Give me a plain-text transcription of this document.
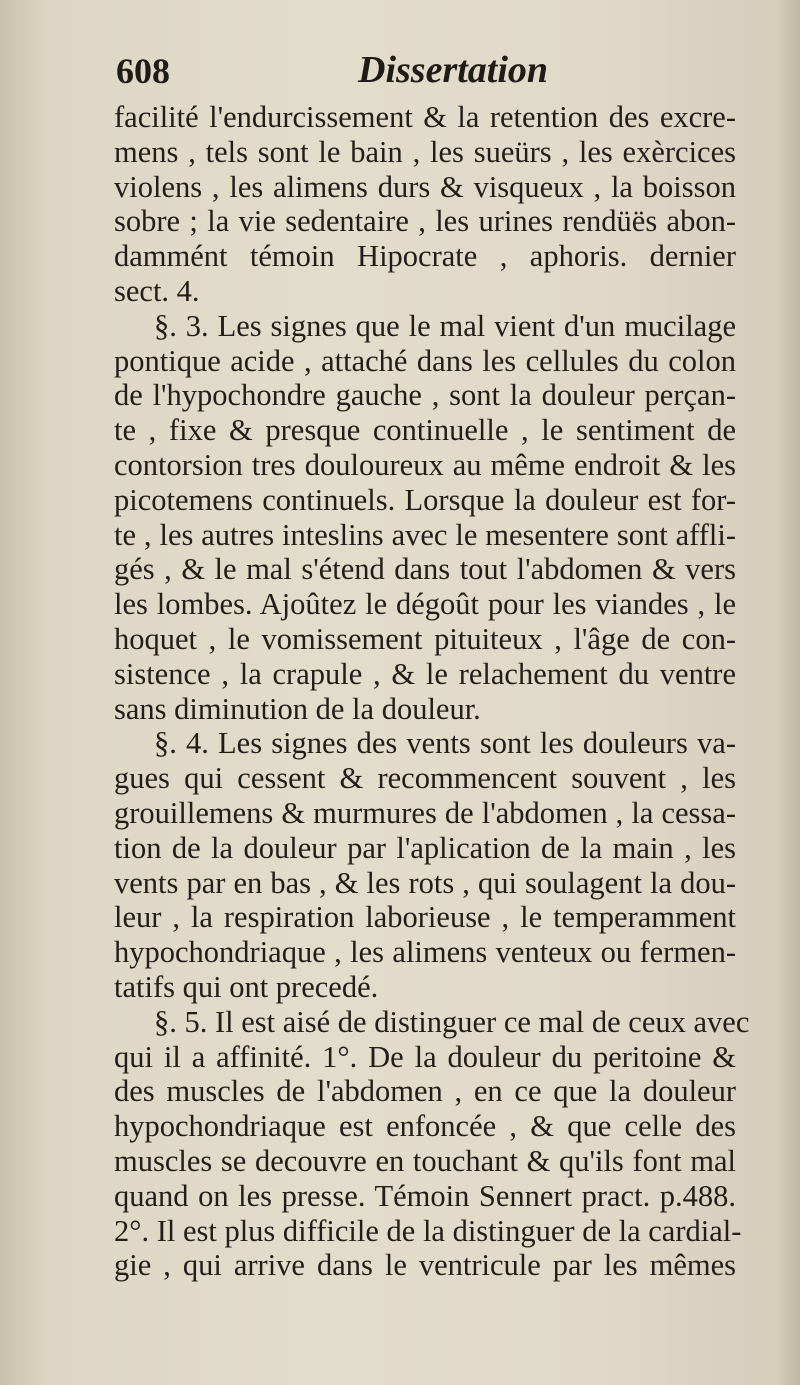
608	Dissertation
facilité l'endurcissement & la retention des excre-
mens , tels sont le bain , les sueürs , les exèrcices
violens , les alimens durs & visqueux , la boisson
sobre ; la vie sedentaire , les urines rendüës abon-
dammént témoin Hipocrate , aphoris. dernier
sect. 4.
§. 3. Les signes que le mal vient d'un mucilage
pontique acide , attaché dans les cellules du colon
de l'hypochondre gauche , sont la douleur perçan-
te , fixe & presque continuelle , le sentiment de
contorsion tres douloureux au même endroit & les
picotemens continuels. Lorsque la douleur est for-
te , les autres inteslins avec le mesentere sont affli-
gés , & le mal s'étend dans tout l'abdomen & vers
les lombes. Ajoûtez le dégoût pour les viandes , le
hoquet , le vomissement pituiteux , l'âge de con-
sistence , la crapule , & le relachement du ventre
sans diminution de la douleur.
§. 4. Les signes des vents sont les douleurs va-
gues qui cessent & recommencent souvent , les
grouillemens & murmures de l'abdomen , la cessa-
tion de la douleur par l'aplication de la main , les
vents par en bas , & les rots , qui soulagent la dou-
leur , la respiration laborieuse , le temperamment
hypochondriaque , les alimens venteux ou fermen-
tatifs qui ont precedé.
§. 5. Il est aisé de distinguer ce mal de ceux avec
qui il a affinité. 1°. De la douleur du peritoine &
des muscles de l'abdomen , en ce que la douleur
hypochondriaque est enfoncée , & que celle des
muscles se decouvre en touchant & qu'ils font mal
quand on les presse. Témoin Sennert pract. p.488.
2°. Il est plus difficile de la distinguer de la cardial-
gie , qui arrive dans le ventricule par les mêmes
